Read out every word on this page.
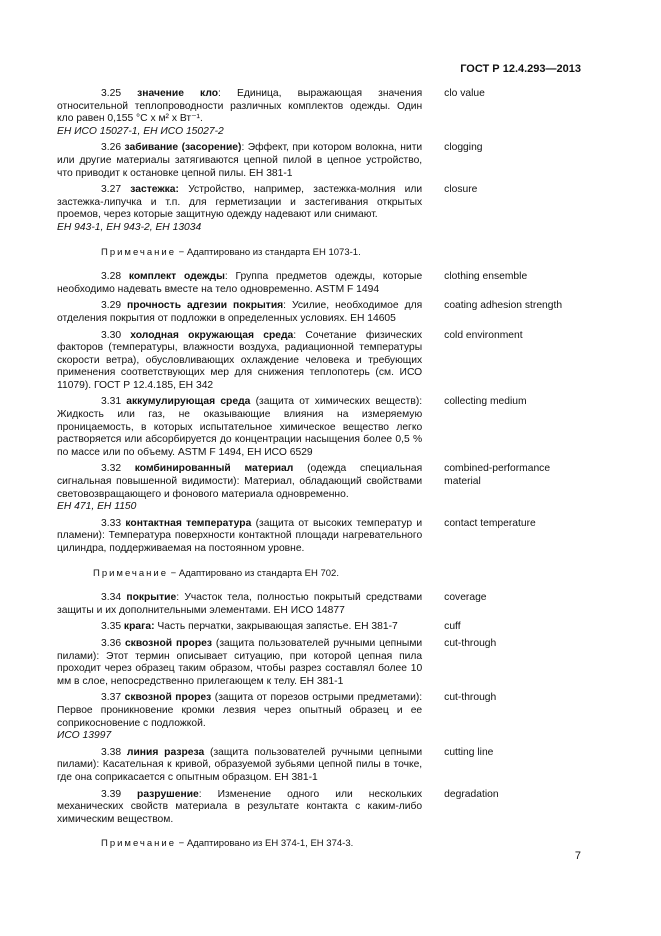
ГОСТ Р 12.4.293—2013

3.25 значение кло: Единица, выражающая значения относительной теплопроводности различных комплектов одежды. Один кло равен 0,155 °С х м² х Вт⁻¹.

ЕН ИСО 15027-1, ЕН ИСО 15027-2
clo value

3.26 забивание (засорение): Эффект, при котором волокна, нити или другие материалы затягиваются цепной пилой в цепное устройство, что приводит к остановке цепной пилы. ЕН 381-1

clogging

3.27 застежка: Устройство, например, застежка-молния или застежка-липучка и т.п. для герметизации и застегивания открытых проемов, через которые защитную одежду надевают или снимают.

ЕН 943-1, ЕН 943-2, ЕН 13034
closure
Примечание − Адаптировано из стандарта ЕН 1073-1.

3.28 комплект одежды: Группа предметов одежды, которые необходимо надевать вместе на тело одновременно. ASTM F 1494

clothing ensemble

3.29 прочность адгезии покрытия: Усилие, необходимое для отделения покрытия от подложки в определенных условиях. ЕН 14605

coating adhesion strength

3.30 холодная окружающая среда: Сочетание физических факторов (температуры, влажности воздуха, радиационной температуры скорости ветра), обусловливающих охлаждение человека и требующих применения соответствующих мер для снижения теплопотерь (см. ИСО 11079). ГОСТ Р 12.4.185, ЕН 342

cold environment

3.31 аккумулирующая среда (защита от химических веществ): Жидкость или газ, не оказывающие влияния на измеряемую проницаемость, в которых испытательное химическое вещество легко растворяется или абсорбируется до концентрации насыщения более 0,5 % по массе или по объему. ASTM F 1494, ЕН ИСО 6529

collecting medium

3.32 комбинированный материал (одежда специальная сигнальная повышенной видимости): Материал, обладающий свойствами световозвращающего и фонового материала одновременно.

ЕН 471, ЕН 1150
combined-performance material

3.33 контактная температура (защита от высоких температур и пламени): Температура поверхности контактной площади нагревательного цилиндра, поддерживаемая на постоянном уровне.

contact temperature
Примечание − Адаптировано из стандарта ЕН 702.

3.34 покрытие: Участок тела, полностью покрытый средствами защиты и их дополнительными элементами. ЕН ИСО 14877

coverage

3.35 крага: Часть перчатки, закрывающая запястье. ЕН 381-7	cuff

3.36 сквозной прорез (защита пользователей ручными цепными пилами): Этот термин описывает ситуацию, при которой цепная пила проходит через образец таким образом, чтобы разрез составлял более 10 мм в слое, непосредственно прилегающем к телу. ЕН 381-1

cut-through

3.37 сквозной прорез (защита от порезов острыми предметами): Первое проникновение кромки лезвия через опытный образец и ее соприкосновение с подложкой.

ИСО 13997
cut-through

3.38 линия разреза (защита пользователей ручными цепными пилами): Касательная к кривой, образуемой зубьями цепной пилы в точке, где она соприкасается с опытным образцом. ЕН 381-1

cutting line

3.39 разрушение: Изменение одного или нескольких механических свойств материала в результате контакта с каким-либо химическим веществом.

degradation
Примечание − Адаптировано из ЕН 374-1, ЕН 374-3.
7
